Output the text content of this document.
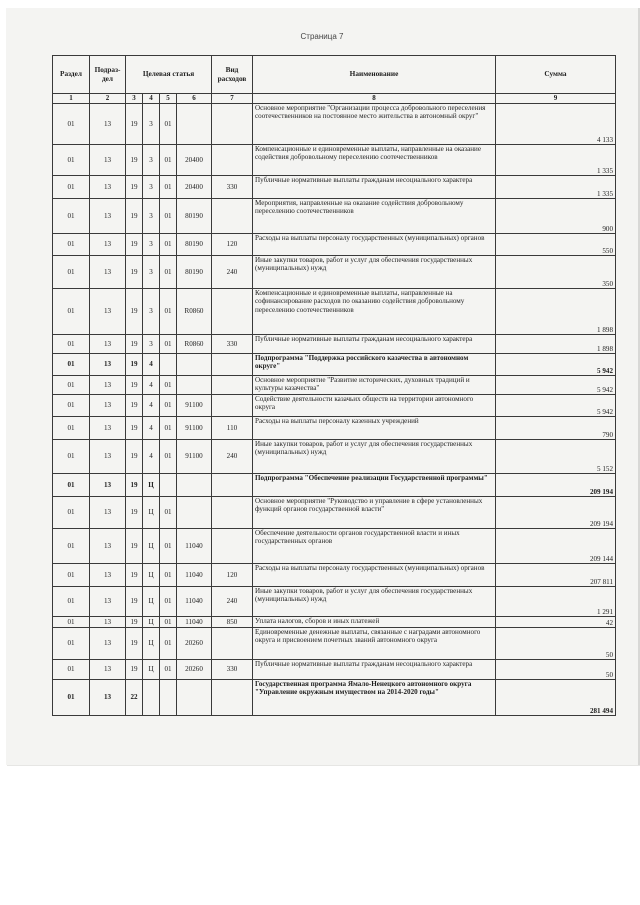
Страница 7
Раздел	Подраз-дел	Целевая статья				Вид расходов	Наименование	Сумма
1	2	3	4	5	6	7	8	9
01	13	19	3	01			Основное мероприятие "Организации процесса добровольного переселения соотечественников на постоянное место жительства в автономный округ"	4 133
01	13	19	3	01	20400		Компенсационные и единовременные выплаты, направленные на оказание содействия добровольному переселению соотечественников	1 335
01	13	19	3	01	20400	330	Публичные нормативные выплаты гражданам несоциального характера	1 335
01	13	19	3	01	80190		Мероприятия, направленные на оказание содействия добровольному переселению соотечественников	900
01	13	19	3	01	80190	120	Расходы на выплаты персоналу государственных (муниципальных) органов	550
01	13	19	3	01	80190	240	Иные закупки товаров, работ и услуг для обеспечения государственных (муниципальных) нужд	350
01	13	19	3	01	R0860		Компенсационные и единовременные выплаты, направленные на софинансирование расходов по оказанию содействия добровольному переселению соотечественников	1 898
01	13	19	3	01	R0860	330	Публичные нормативные выплаты гражданам несоциального характера	1 898
01	13	19	4				Подпрограмма "Поддержка российского казачества в автономном округе"	5 942
01	13	19	4	01			Основное мероприятие "Развитие исторических, духовных традиций и культуры казачества"	5 942
01	13	19	4	01	91100		Содействие деятельности казачьих обществ на территории автономного округа	5 942
01	13	19	4	01	91100	110	Расходы на выплаты персоналу казенных учреждений	790
01	13	19	4	01	91100	240	Иные закупки товаров, работ и услуг для обеспечения государственных (муниципальных) нужд	5 152
01	13	19	Ц				Подпрограмма "Обеспечение реализации Государственной программы"	209 194
01	13	19	Ц	01			Основное мероприятие "Руководство и управление в сфере установленных функций органов государственной власти"	209 194
01	13	19	Ц	01	11040		Обеспечение деятельности органов государственной власти и иных государственных органов	209 144
01	13	19	Ц	01	11040	120	Расходы на выплаты персоналу государственных (муниципальных) органов	207 811
01	13	19	Ц	01	11040	240	Иные закупки товаров, работ и услуг для обеспечения государственных (муниципальных) нужд	1 291
01	13	19	Ц	01	11040	850	Уплата налогов, сборов и иных платежей	42
01	13	19	Ц	01	20260		Единовременные денежные выплаты, связанные с наградами автономного округа и присвоением почетных званий автономного округа	50
01	13	19	Ц	01	20260	330	Публичные нормативные выплаты гражданам несоциального характера	50
01	13	22					Государственная программа Ямало-Ненецкого автономного округа "Управление окружным имуществом на 2014-2020 годы"	281 494
